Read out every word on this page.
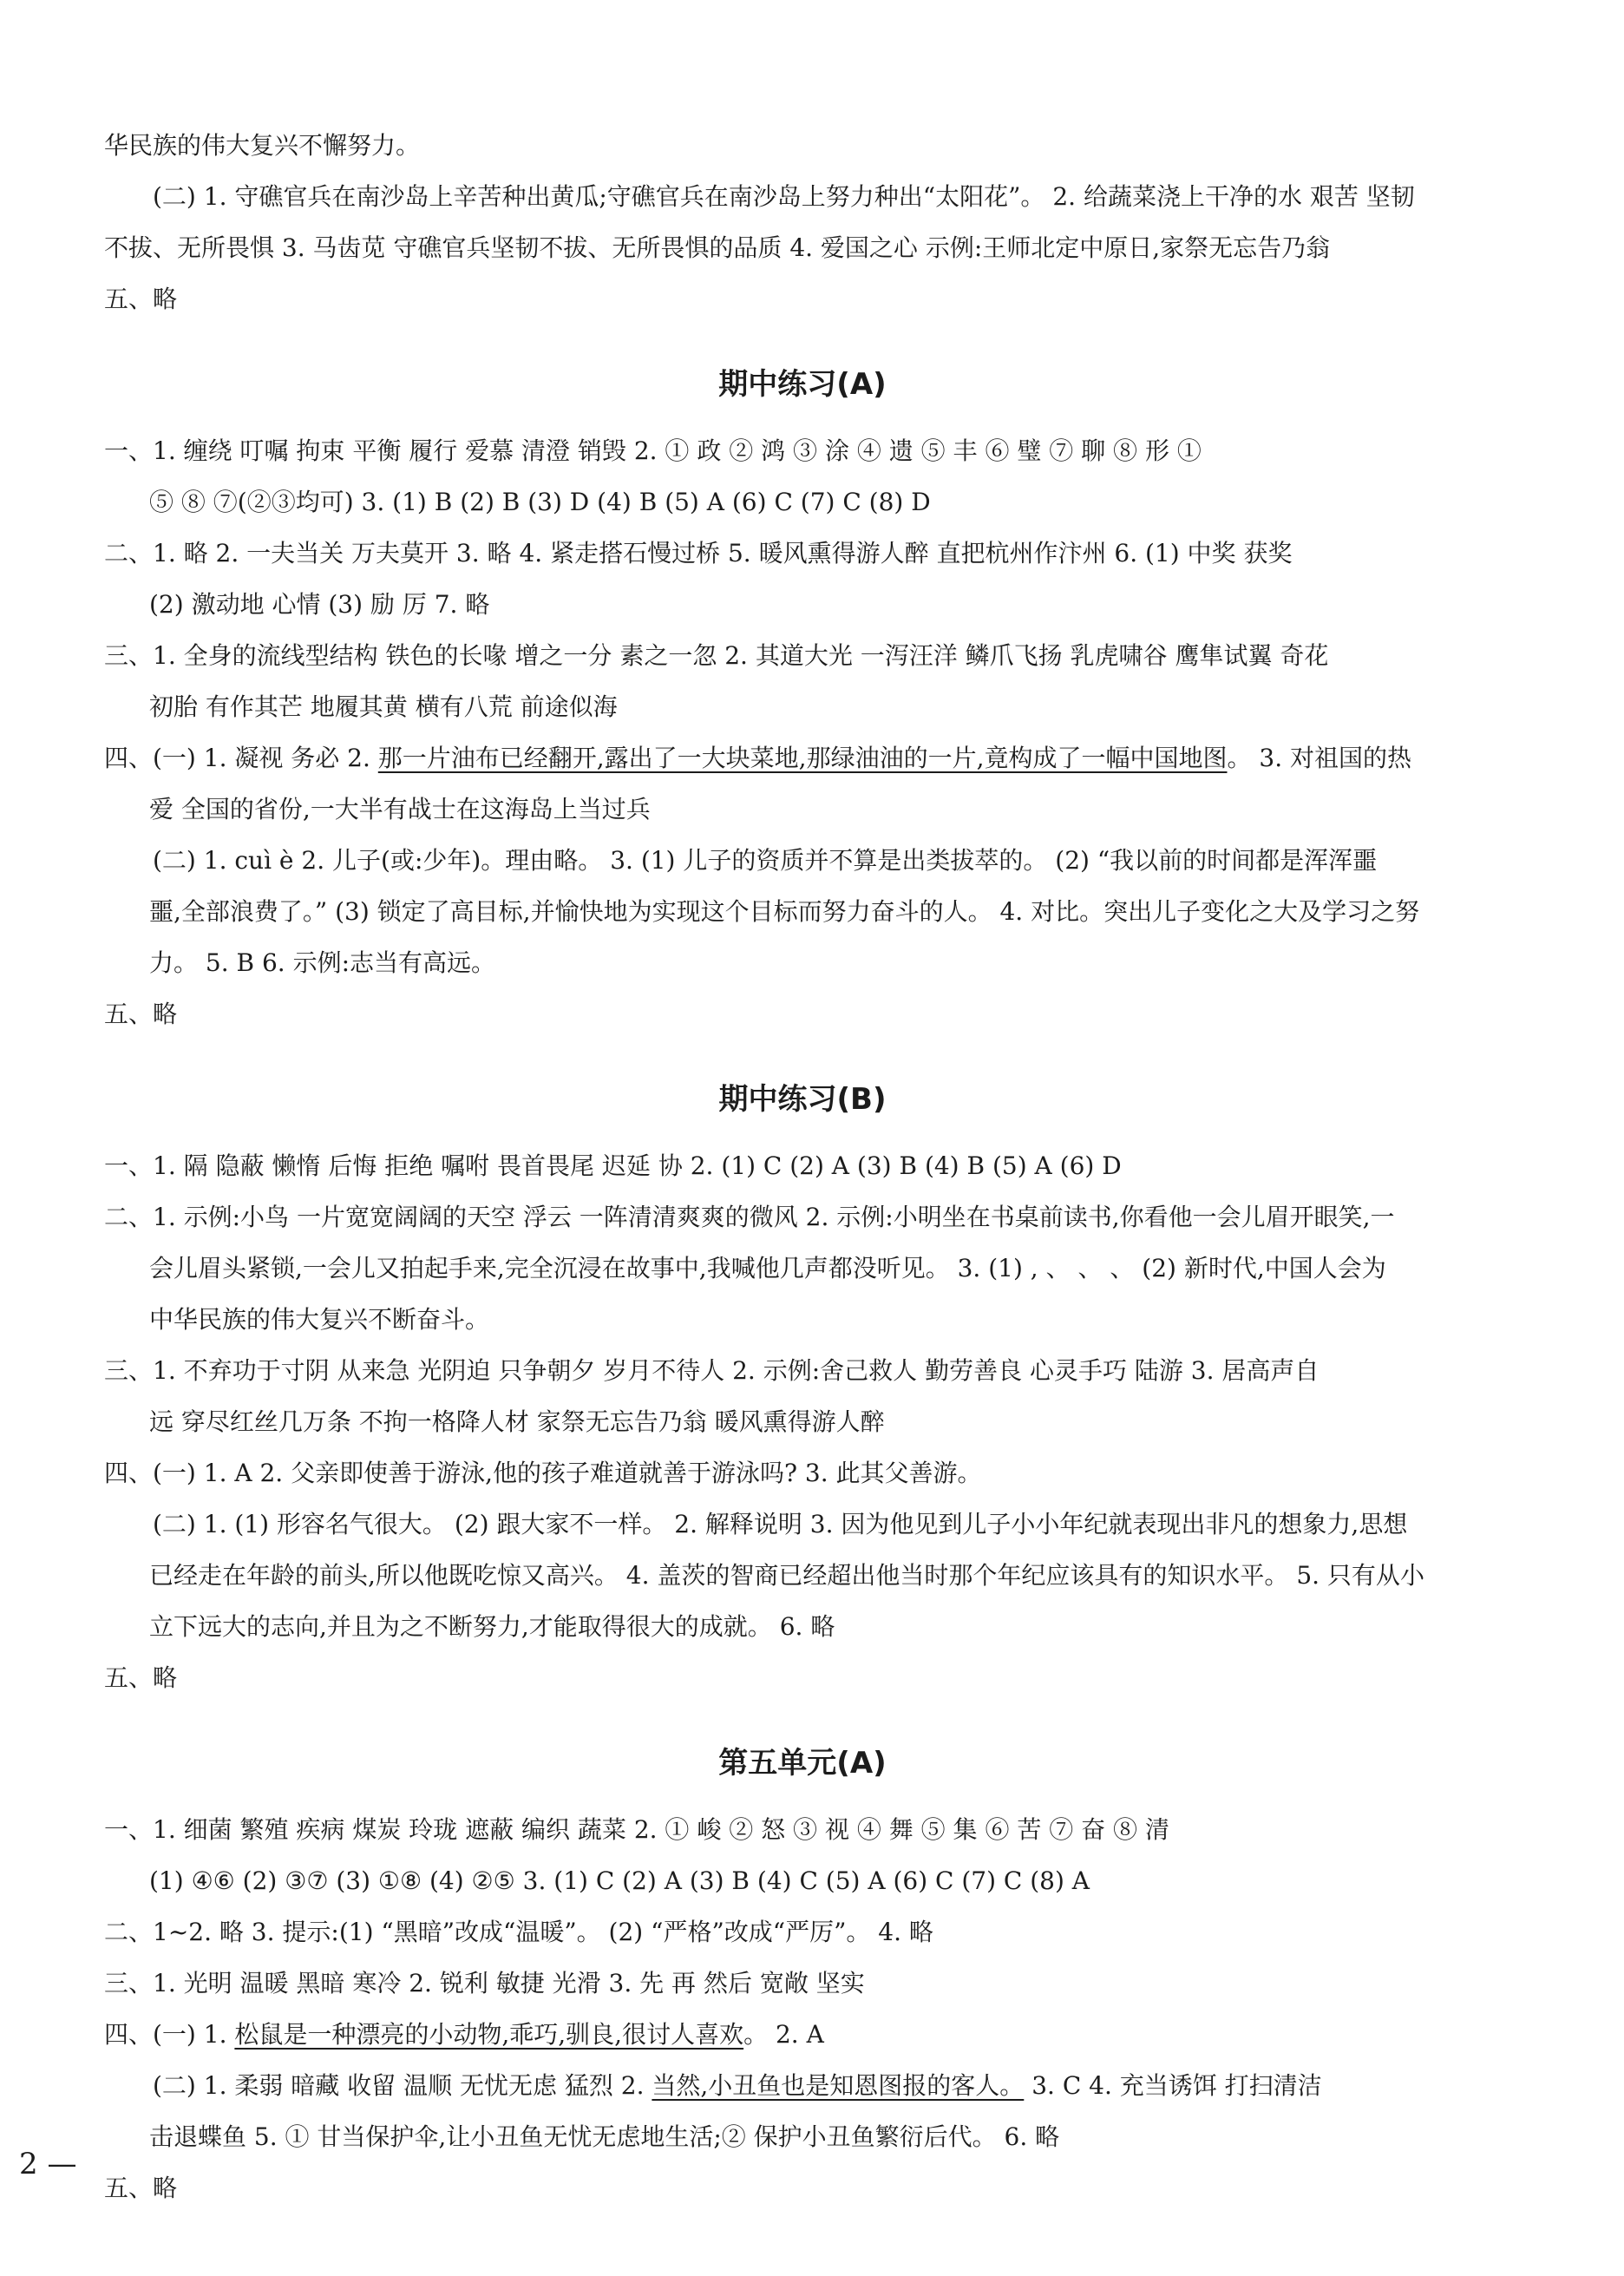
华民族的伟大复兴不懈努力。
(二) 1. 守礁官兵在南沙岛上辛苦种出黄瓜;守礁官兵在南沙岛上努力种出“太阳花”。 2. 给蔬菜浇上干净的水 艰苦 坚韧
不拔、无所畏惧 3. 马齿苋 守礁官兵坚韧不拔、无所畏惧的品质 4. 爱国之心 示例:王师北定中原日,家祭无忘告乃翁
五、略
期中练习(A)
一、1. 缠绕 叮嘱 拘束 平衡 履行 爱慕 清澄 销毁 2. ① 政 ② 鸿 ③ 涂 ④ 遗 ⑤ 丰 ⑥ 璧 ⑦ 聊 ⑧ 形 ①
⑤ ⑧ ⑦(②③均可) 3. (1) B (2) B (3) D (4) B (5) A (6) C (7) C (8) D
二、1. 略 2. 一夫当关 万夫莫开 3. 略 4. 紧走搭石慢过桥 5. 暖风熏得游人醉 直把杭州作汴州 6. (1) 中奖 获奖
(2) 激动地 心情 (3) 励 厉 7. 略
三、1. 全身的流线型结构 铁色的长喙 增之一分 素之一忽 2. 其道大光 一泻汪洋 鳞爪飞扬 乳虎啸谷 鹰隼试翼 奇花
初胎 有作其芒 地履其黄 横有八荒 前途似海
四、(一) 1. 凝视 务必 2. 那一片油布已经翻开,露出了一大块菜地,那绿油油的一片,竟构成了一幅中国地图。 3. 对祖国的热
爱 全国的省份,一大半有战士在这海岛上当过兵
(二) 1. cuì è 2. 儿子(或:少年)。理由略。 3. (1) 儿子的资质并不算是出类拔萃的。 (2) “我以前的时间都是浑浑噩
噩,全部浪费了。” (3) 锁定了高目标,并愉快地为实现这个目标而努力奋斗的人。 4. 对比。突出儿子变化之大及学习之努
力。 5. B 6. 示例:志当有高远。
五、略
期中练习(B)
一、1. 隔 隐蔽 懒惰 后悔 拒绝 嘱咐 畏首畏尾 迟延 协 2. (1) C (2) A (3) B (4) B (5) A (6) D
二、1. 示例:小鸟 一片宽宽阔阔的天空 浮云 一阵清清爽爽的微风 2. 示例:小明坐在书桌前读书,你看他一会儿眉开眼笑,一
会儿眉头紧锁,一会儿又拍起手来,完全沉浸在故事中,我喊他几声都没听见。 3. (1) , 、 、 、 (2) 新时代,中国人会为
中华民族的伟大复兴不断奋斗。
三、1. 不弃功于寸阴 从来急 光阴迫 只争朝夕 岁月不待人 2. 示例:舍己救人 勤劳善良 心灵手巧 陆游 3. 居高声自
远 穿尽红丝几万条 不拘一格降人材 家祭无忘告乃翁 暖风熏得游人醉
四、(一) 1. A 2. 父亲即使善于游泳,他的孩子难道就善于游泳吗? 3. 此其父善游。
(二) 1. (1) 形容名气很大。 (2) 跟大家不一样。 2. 解释说明 3. 因为他见到儿子小小年纪就表现出非凡的想象力,思想
已经走在年龄的前头,所以他既吃惊又高兴。 4. 盖茨的智商已经超出他当时那个年纪应该具有的知识水平。 5. 只有从小
立下远大的志向,并且为之不断努力,才能取得很大的成就。 6. 略
五、略
第五单元(A)
一、1. 细菌 繁殖 疾病 煤炭 玲珑 遮蔽 编织 蔬菜 2. ① 峻 ② 怒 ③ 视 ④ 舞 ⑤ 集 ⑥ 苦 ⑦ 奋 ⑧ 清
(1) ④⑥ (2) ③⑦ (3) ①⑧ (4) ②⑤ 3. (1) C (2) A (3) B (4) C (5) A (6) C (7) C (8) A
二、1~2. 略 3. 提示:(1) “黑暗”改成“温暖”。 (2) “严格”改成“严厉”。 4. 略
三、1. 光明 温暖 黑暗 寒冷 2. 锐利 敏捷 光滑 3. 先 再 然后 宽敞 坚实
四、(一) 1. 松鼠是一种漂亮的小动物,乖巧,驯良,很讨人喜欢。 2. A
(二) 1. 柔弱 暗藏 收留 温顺 无忧无虑 猛烈 2. 当然,小丑鱼也是知恩图报的客人。 3. C 4. 充当诱饵 打扫清洁
击退蝶鱼 5. ① 甘当保护伞,让小丑鱼无忧无虑地生活;② 保护小丑鱼繁衍后代。 6. 略
五、略
2 —
